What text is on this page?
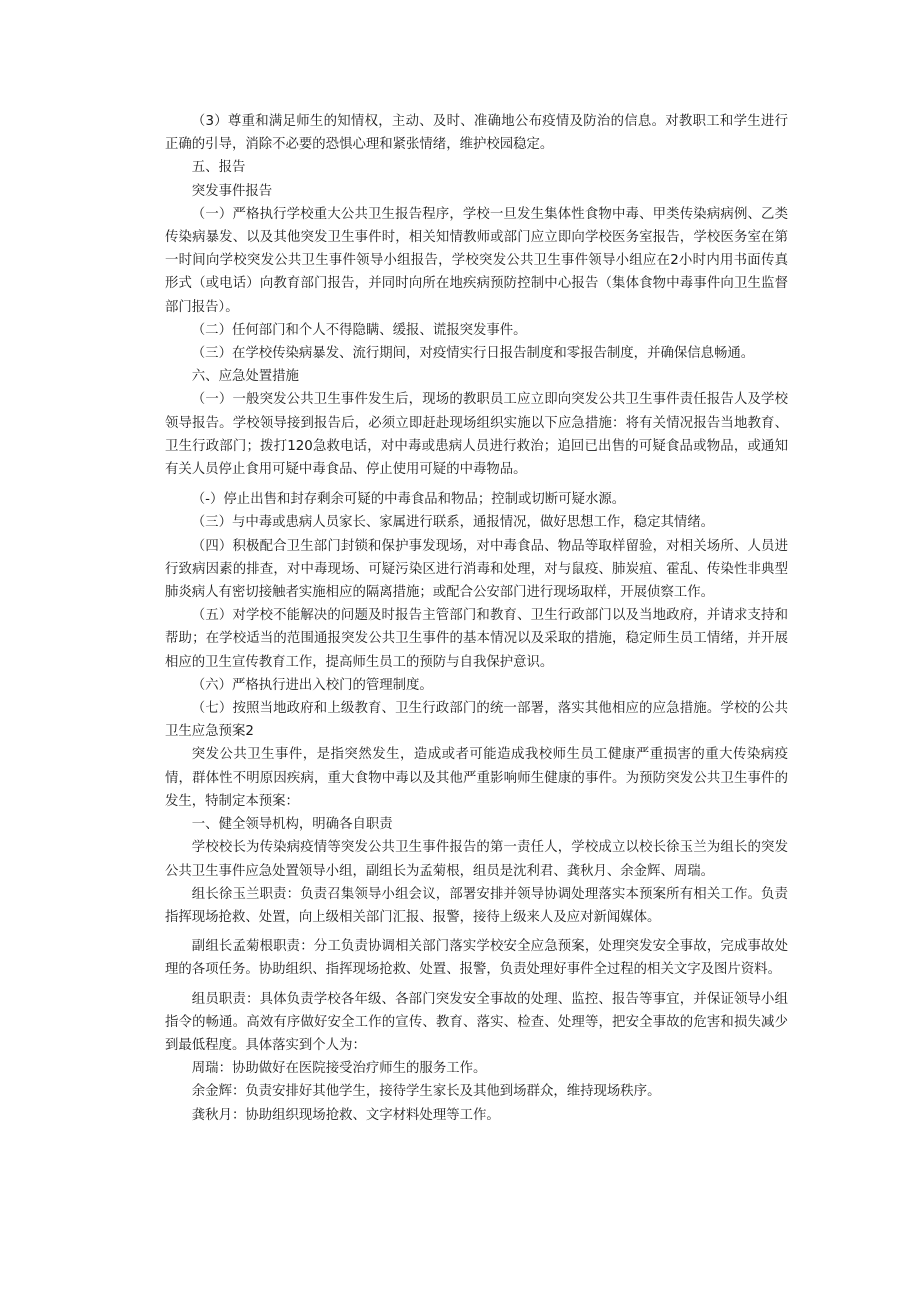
（3）尊重和满足师生的知情权，主动、及时、准确地公布疫情及防治的信息。对教职工和学生进行正确的引导，消除不必要的恐惧心理和紧张情绪，维护校园稳定。

五、报告

突发事件报告

（一）严格执行学校重大公共卫生报告程序，学校一旦发生集体性食物中毒、甲类传染病病例、乙类传染病暴发、以及其他突发卫生事件时，相关知情教师或部门应立即向学校医务室报告，学校医务室在第一时间向学校突发公共卫生事件领导小组报告，学校突发公共卫生事件领导小组应在2小时内用书面传真形式（或电话）向教育部门报告，并同时向所在地疾病预防控制中心报告（集体食物中毒事件向卫生监督部门报告）。

（二）任何部门和个人不得隐瞒、缓报、谎报突发事件。

（三）在学校传染病暴发、流行期间，对疫情实行日报告制度和零报告制度，并确保信息畅通。

六、应急处置措施

（一）一般突发公共卫生事件发生后，现场的教职员工应立即向突发公共卫生事件责任报告人及学校领导报告。学校领导接到报告后，必须立即赶赴现场组织实施以下应急措施：将有关情况报告当地教育、卫生行政部门；拨打120急救电话，对中毒或患病人员进行救治；追回已出售的可疑食品或物品，或通知有关人员停止食用可疑中毒食品、停止使用可疑的中毒物品。

（-）停止出售和封存剩余可疑的中毒食品和物品；控制或切断可疑水源。

（三）与中毒或患病人员家长、家属进行联系，通报情况，做好思想工作，稳定其情绪。

（四）积极配合卫生部门封锁和保护事发现场，对中毒食品、物品等取样留验，对相关场所、人员进行致病因素的排查，对中毒现场、可疑污染区进行消毒和处理，对与鼠疫、肺炭疽、霍乱、传染性非典型肺炎病人有密切接触者实施相应的隔离措施；或配合公安部门进行现场取样，开展侦察工作。

（五）对学校不能解决的问题及时报告主管部门和教育、卫生行政部门以及当地政府，并请求支持和帮助；在学校适当的范围通报突发公共卫生事件的基本情况以及采取的措施，稳定师生员工情绪，并开展相应的卫生宣传教育工作，提高师生员工的预防与自我保护意识。

（六）严格执行进出入校门的管理制度。

（七）按照当地政府和上级教育、卫生行政部门的统一部署，落实其他相应的应急措施。学校的公共卫生应急预案2

突发公共卫生事件，是指突然发生，造成或者可能造成我校师生员工健康严重损害的重大传染病疫情，群体性不明原因疾病，重大食物中毒以及其他严重影响师生健康的事件。为预防突发公共卫生事件的发生，特制定本预案：

一、健全领导机构，明确各自职责

学校校长为传染病疫情等突发公共卫生事件报告的第一责任人，学校成立以校长徐玉兰为组长的突发公共卫生事件应急处置领导小组，副组长为孟菊根，组员是沈利君、龚秋月、余金辉、周瑞。

组长徐玉兰职责：负责召集领导小组会议，部署安排并领导协调处理落实本预案所有相关工作。负责指挥现场抢救、处置，向上级相关部门汇报、报警，接待上级来人及应对新闻媒体。

副组长孟菊根职责：分工负责协调相关部门落实学校安全应急预案，处理突发安全事故，完成事故处理的各项任务。协助组织、指挥现场抢救、处置、报警，负责处理好事件全过程的相关文字及图片资料。

组员职责：具体负责学校各年级、各部门突发安全事故的处理、监控、报告等事宜，并保证领导小组指令的畅通。高效有序做好安全工作的宣传、教育、落实、检查、处理等，把安全事故的危害和损失减少到最低程度。具体落实到个人为：

周瑞：协助做好在医院接受治疗师生的服务工作。

余金辉：负责安排好其他学生，接待学生家长及其他到场群众，维持现场秩序。

龚秋月：协助组织现场抢救、文字材料处理等工作。
